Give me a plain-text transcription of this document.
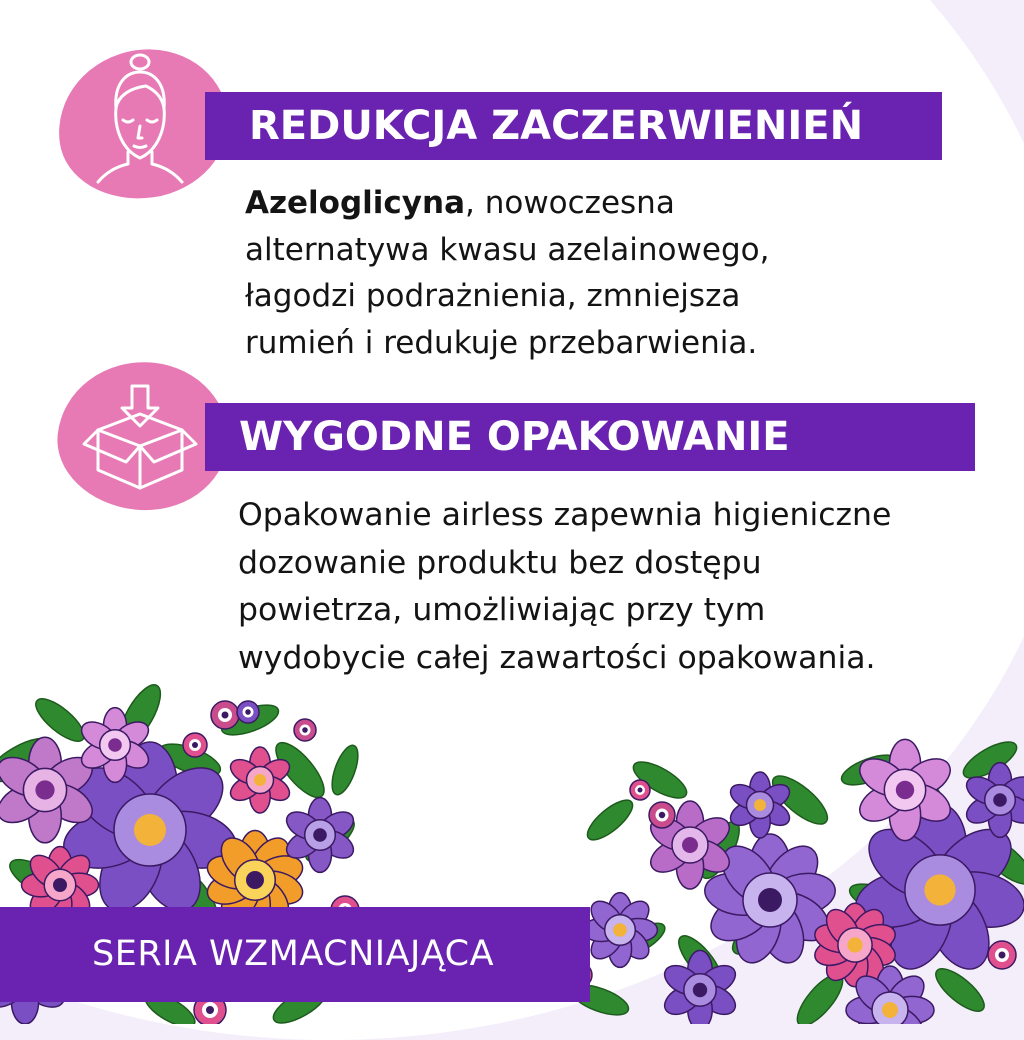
REDUKCJA ZACZERWIENIEŃ

Azeloglicyna, nowoczesna
alternatywa kwasu azelainowego,
łagodzi podrażnienia, zmniejsza
rumień i redukuje przebarwienia.

WYGODNE OPAKOWANIE

Opakowanie airless zapewnia higieniczne
dozowanie produktu bez dostępu
powietrza, umożliwiając przy tym
wydobycie całej zawartości opakowania.

SERIA WZMACNIAJĄCA
